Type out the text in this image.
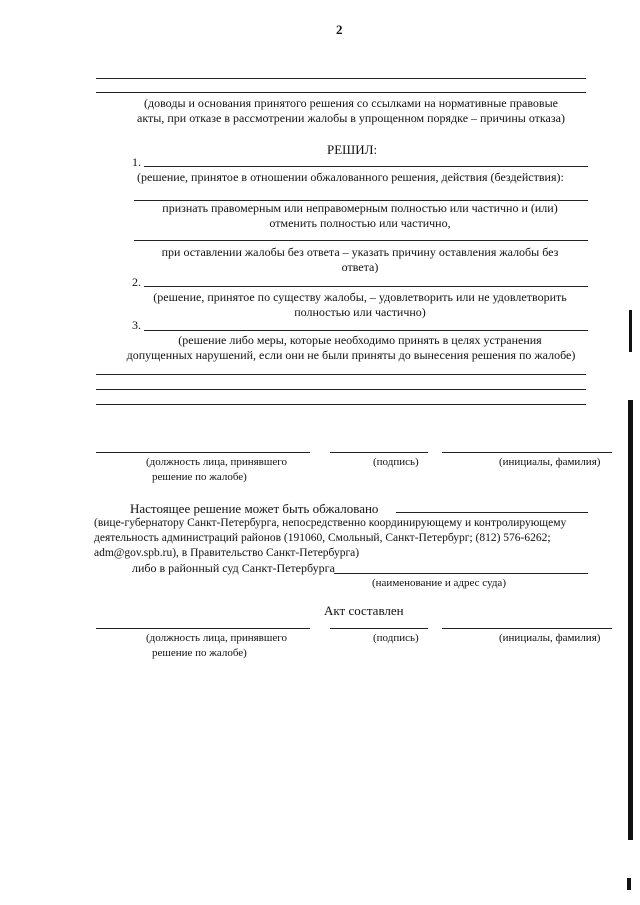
2
(доводы и основания принятого решения со ссылками на нормативные правовые
акты, при отказе в рассмотрении жалобы в упрощенном порядке – причины отказа)
РЕШИЛ:
1.
(решение, принятое в отношении обжалованного решения, действия (бездействия):
признать правомерным или неправомерным полностью или частично и (или)
отменить полностью или частично,
при оставлении жалобы без ответа – указать причину оставления жалобы без
ответа)
2.
(решение, принятое по существу жалобы, – удовлетворить или не удовлетворить
полностью или частично)
3.
(решение либо меры, которые необходимо принять в целях устранения
допущенных нарушений, если они не были приняты до вынесения решения по жалобе)
(должность лица, принявшего
решение по жалобе)
(подпись)	(инициалы, фамилия)
Настоящее решение может быть обжаловано
(вице-губернатору Санкт-Петербурга, непосредственно координирующему и контролирующему
деятельность администраций районов (191060, Смольный, Санкт-Петербург; (812) 576-6262;
adm@gov.spb.ru), в Правительство Санкт-Петербурга)
либо в районный суд Санкт-Петербурга
(наименование и адрес суда)
Акт составлен
(должность лица, принявшего
решение по жалобе)
(подпись)	(инициалы, фамилия)
